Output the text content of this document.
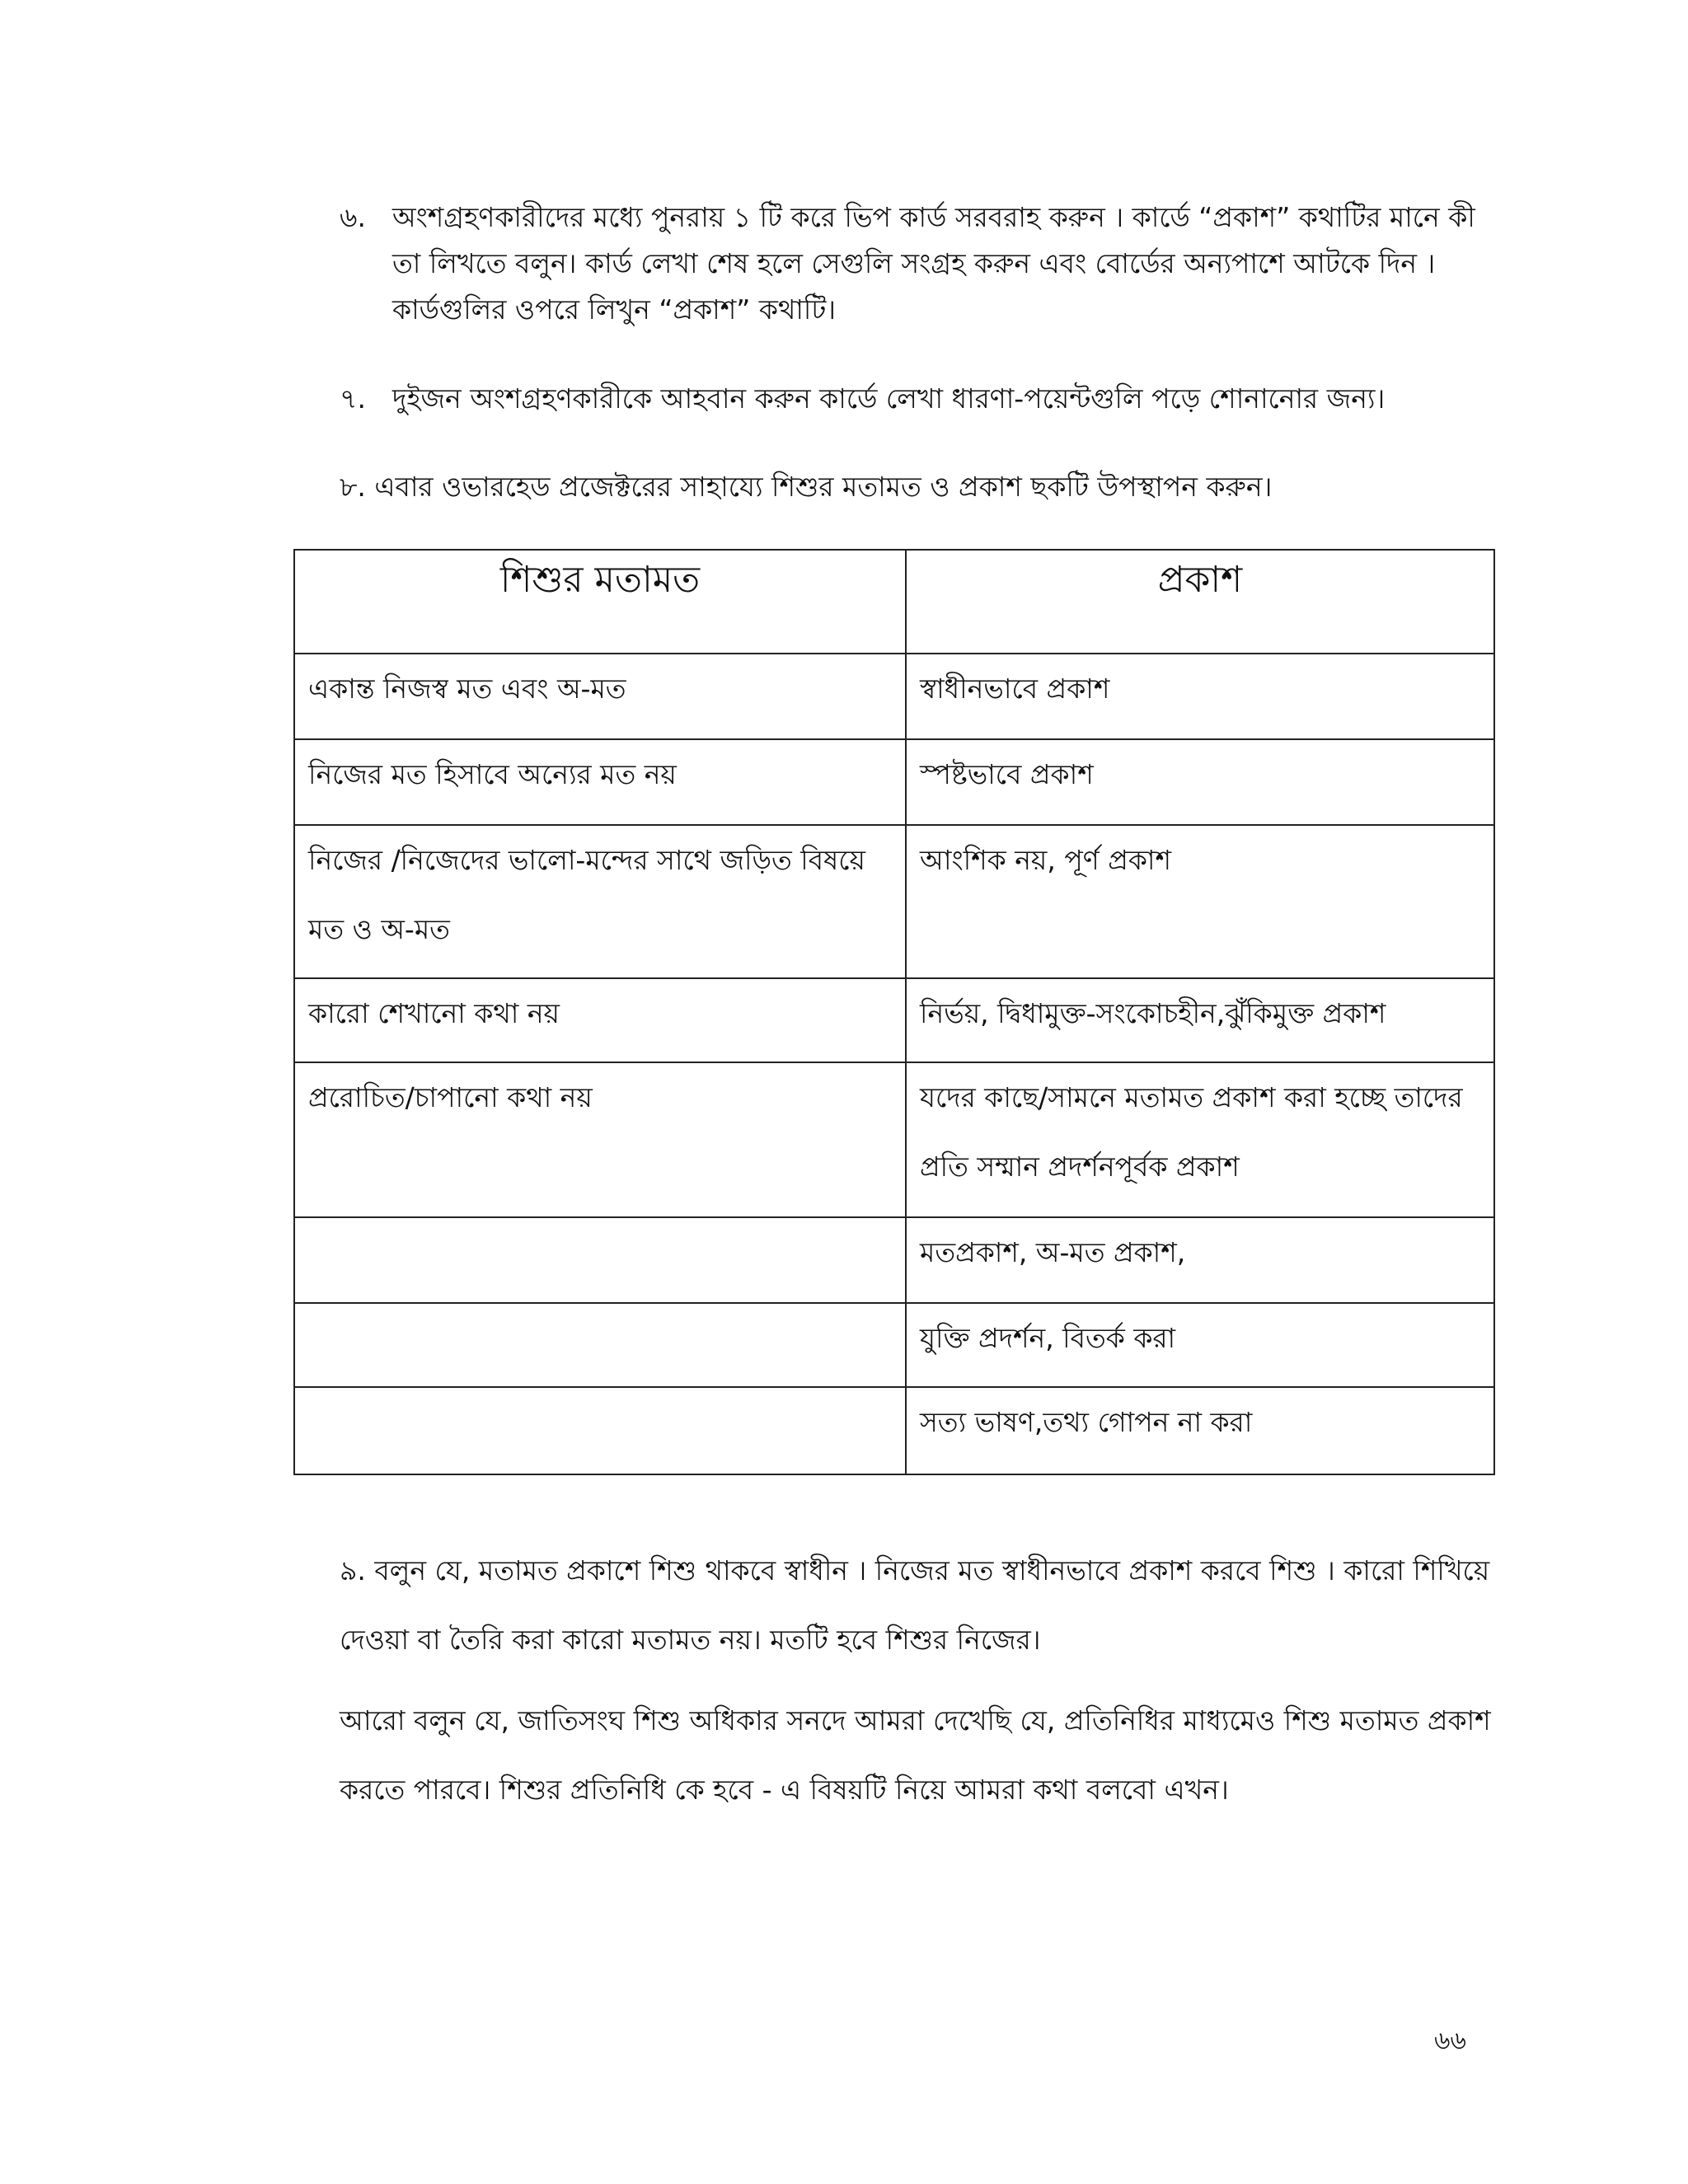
৬. অংশগ্রহণকারীদের মধ্যে পুনরায় ১ টি করে ভিপ কার্ড সরবরাহ করুন । কার্ডে “প্রকাশ” কথাটির মানে কী তা লিখতে বলুন। কার্ড লেখা শেষ হলে সেগুলি সংগ্রহ করুন এবং বোর্ডের অন্যপাশে আটকে দিন । কার্ডগুলির ওপরে লিখুন “প্রকাশ” কথাটি।
৭. দুইজন অংশগ্রহণকারীকে আহবান করুন কার্ডে লেখা ধারণা-পয়েন্টগুলি পড়ে শোনানোর জন্য।
৮. এবার ওভারহেড প্রজেক্টরের সাহায্যে শিশুর মতামত ও প্রকাশ ছকটি উপস্থাপন করুন।
শিশুর মতামত	প্রকাশ
একান্ত নিজস্ব মত এবং অ-মত	স্বাধীনভাবে প্রকাশ
নিজের মত হিসাবে অন্যের মত নয়	স্পষ্টভাবে প্রকাশ
নিজের /নিজেদের ভালো-মন্দের সাথে জড়িত বিষয়ে মত ও অ-মত	আংশিক নয়, পূর্ণ প্রকাশ
কারো শেখানো কথা নয়	নির্ভয়, দ্বিধামুক্ত-সংকোচহীন,ঝুঁকিমুক্ত প্রকাশ
প্ররোচিত/চাপানো কথা নয়	যদের কাছে/সামনে মতামত প্রকাশ করা হচ্ছে তাদের প্রতি সম্মান প্রদর্শনপূর্বক প্রকাশ
	মতপ্রকাশ, অ-মত প্রকাশ,
	যুক্তি প্রদর্শন, বিতর্ক করা
	সত্য ভাষণ,তথ্য গোপন না করা
৯. বলুন যে, মতামত প্রকাশে শিশু থাকবে স্বাধীন । নিজের মত স্বাধীনভাবে প্রকাশ করবে শিশু । কারো শিখিয়ে দেওয়া বা তৈরি করা কারো মতামত নয়। মতটি হবে শিশুর নিজের।
আরো বলুন যে, জাতিসংঘ শিশু অধিকার সনদে আমরা দেখেছি যে, প্রতিনিধির মাধ্যমেও শিশু মতামত প্রকাশ করতে পারবে। শিশুর প্রতিনিধি কে হবে - এ বিষয়টি নিয়ে আমরা কথা বলবো এখন।
৬৬
